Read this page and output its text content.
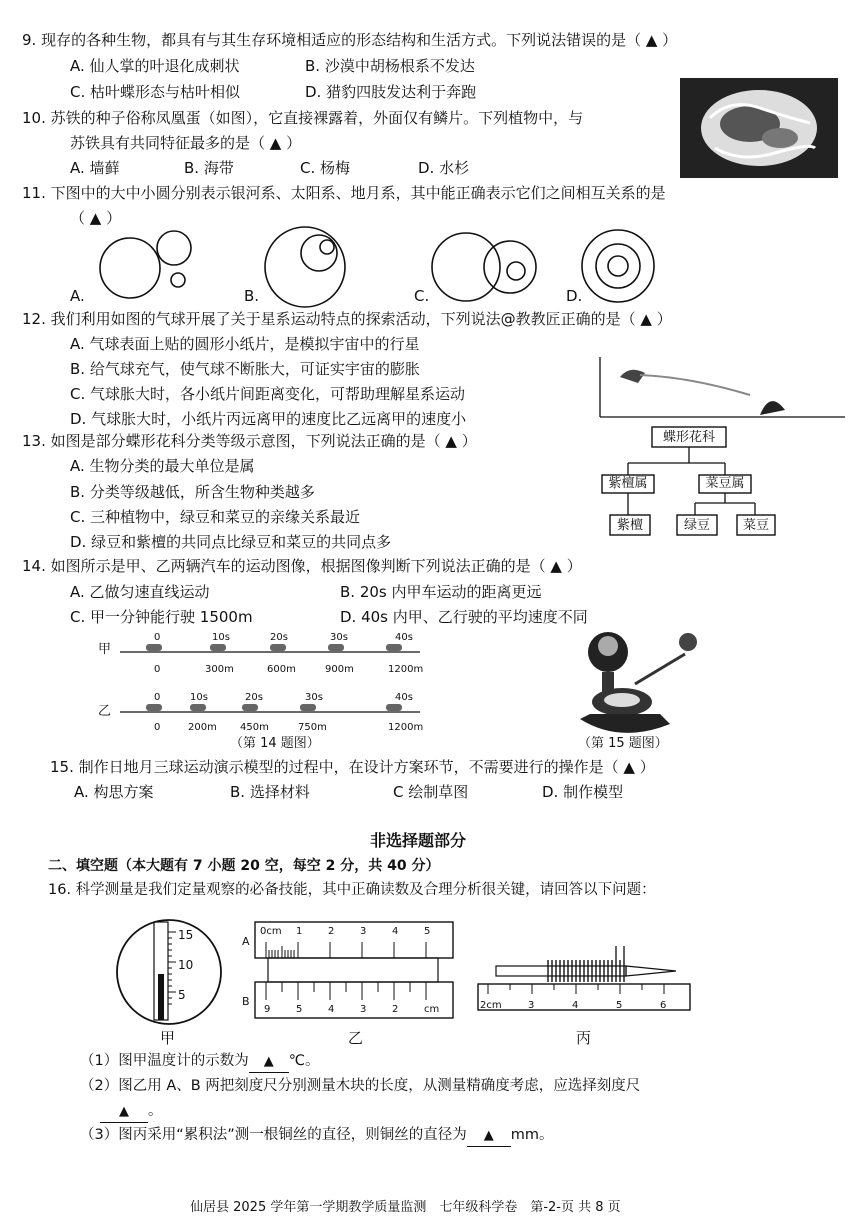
9. 现存的各种生物，都具有与其生存环境相适应的形态结构和生活方式。下列说法错误的是（ ▲ ）
A. 仙人掌的叶退化成刺状	B. 沙漠中胡杨根系不发达
C. 枯叶蝶形态与枯叶相似	D. 猎豹四肢发达利于奔跑
10. 苏铁的种子俗称凤凰蛋（如图），它直接裸露着，外面仅有鳞片。下列植物中，与
苏铁具有共同特征最多的是（ ▲ ）
A. 墙藓	B. 海带	C. 杨梅	D. 水杉
11. 下图中的大中小圆分别表示银河系、太阳系、地月系，其中能正确表示它们之间相互关系的是
（ ▲ ）
A.	B.	C.	D.
12. 我们利用如图的气球开展了关于星系运动特点的探索活动，下列说法@教教匠正确的是（ ▲ ）
A. 气球表面上贴的圆形小纸片，是模拟宇宙中的行星
B. 给气球充气，使气球不断胀大，可证实宇宙的膨胀
C. 气球胀大时，各小纸片间距离变化，可帮助理解星系运动
D. 气球胀大时，小纸片丙远离甲的速度比乙远离甲的速度小
13. 如图是部分蝶形花科分类等级示意图，下列说法正确的是（ ▲ ）
A. 生物分类的最大单位是属
B. 分类等级越低，所含生物种类越多
C. 三种植物中，绿豆和菜豆的亲缘关系最近
D. 绿豆和紫檀的共同点比绿豆和菜豆的共同点多
蝶形花科
紫檀属	菜豆属
紫檀	绿豆	菜豆
14. 如图所示是甲、乙两辆汽车的运动图像，根据图像判断下列说法正确的是（ ▲ ）
A. 乙做匀速直线运动	B. 20s 内甲车运动的距离更远
C. 甲一分钟能行驶 1500m	D. 40s 内甲、乙行驶的平均速度不同
甲
乙
0	10s	20s	30s	40s
0	300m	600m	900m	1200m
0	10s	20s	30s	40s
0	200m 450m	750m	1200m
（第 14 题图）	（第 15 题图）
15. 制作日地月三球运动演示模型的过程中，在设计方案环节，不需要进行的操作是（ ▲ ）
A. 构思方案	B. 选择材料	C 绘制草图	D. 制作模型
非选择题部分
二、填空题（本大题有 7 小题 20 空，每空 2 分，共 40 分）
16. 科学测量是我们定量观察的必备技能，其中正确读数及合理分析很关键，请回答以下问题：
15
10
5
甲
A
B
0cm 1	2	3	4	5
9	5	4	3	2	cm
乙
2cm	3	4	5	6
丙
（1）图甲温度计的示数为 ▲ ℃。
（2）图乙用 A、B 两把刻度尺分别测量木块的长度，从测量精确度考虑，应选择刻度尺
▲ 。
（3）图丙采用“累积法”测一根铜丝的直径，则铜丝的直径为 ▲ mm。
仙居县 2025 学年第一学期教学质量监测　七年级科学卷　第-2-页 共 8 页
